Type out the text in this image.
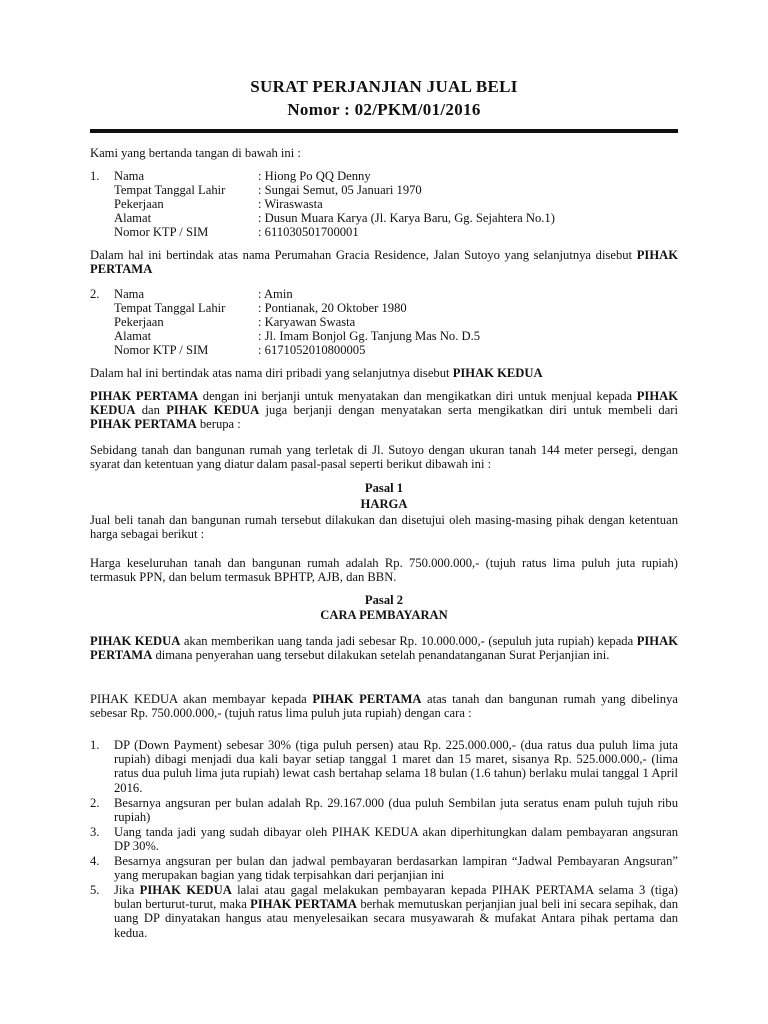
SURAT PERJANJIAN JUAL BELI
Nomor : 02/PKM/01/2016
Kami yang bertanda tangan di bawah ini :
1. Nama	: Hiong Po QQ Denny
Tempat Tanggal Lahir	: Sungai Semut, 05 Januari 1970
Pekerjaan	: Wiraswasta
Alamat	: Dusun Muara Karya (Jl. Karya Baru, Gg. Sejahtera No.1)
Nomor KTP / SIM	: 611030501700001
Dalam hal ini bertindak atas nama Perumahan Gracia Residence, Jalan Sutoyo yang selanjutnya disebut PIHAK PERTAMA
2. Nama	: Amin
Tempat Tanggal Lahir	: Pontianak, 20 Oktober 1980
Pekerjaan	: Karyawan Swasta
Alamat	: Jl. Imam Bonjol Gg. Tanjung Mas No. D.5
Nomor KTP / SIM	: 6171052010800005
Dalam hal ini bertindak atas nama diri pribadi yang selanjutnya disebut PIHAK KEDUA
PIHAK PERTAMA dengan ini berjanji untuk menyatakan dan mengikatkan diri untuk menjual kepada PIHAK KEDUA dan PIHAK KEDUA juga berjanji dengan menyatakan serta mengikatkan diri untuk membeli dari PIHAK PERTAMA berupa :
Sebidang tanah dan bangunan rumah yang terletak di Jl. Sutoyo dengan ukuran tanah 144 meter persegi, dengan syarat dan ketentuan yang diatur dalam pasal-pasal seperti berikut dibawah ini :
Pasal 1
HARGA
Jual beli tanah dan bangunan rumah tersebut dilakukan dan disetujui oleh masing-masing pihak dengan ketentuan harga sebagai berikut :
Harga keseluruhan tanah dan bangunan rumah adalah Rp. 750.000.000,- (tujuh ratus lima puluh juta rupiah) termasuk PPN, dan belum termasuk BPHTP, AJB, dan BBN.
Pasal 2
CARA PEMBAYARAN
PIHAK KEDUA akan memberikan uang tanda jadi sebesar Rp. 10.000.000,- (sepuluh juta rupiah) kepada PIHAK PERTAMA dimana penyerahan uang tersebut dilakukan setelah penandatanganan Surat Perjanjian ini.
PIHAK KEDUA akan membayar kepada PIHAK PERTAMA atas tanah dan bangunan rumah yang dibelinya sebesar Rp. 750.000.000,- (tujuh ratus lima puluh juta rupiah) dengan cara :
1. DP (Down Payment) sebesar 30% (tiga puluh persen) atau Rp. 225.000.000,- (dua ratus dua puluh lima juta rupiah) dibagi menjadi dua kali bayar setiap tanggal 1 maret dan 15 maret, sisanya Rp. 525.000.000,- (lima ratus dua puluh lima juta rupiah) lewat cash bertahap selama 18 bulan (1.6 tahun) berlaku mulai tanggal 1 April 2016.
2. Besarnya angsuran per bulan adalah Rp. 29.167.000 (dua puluh Sembilan juta seratus enam puluh tujuh ribu rupiah)
3. Uang tanda jadi yang sudah dibayar oleh PIHAK KEDUA akan diperhitungkan dalam pembayaran angsuran DP 30%.
4. Besarnya angsuran per bulan dan jadwal pembayaran berdasarkan lampiran “Jadwal Pembayaran Angsuran” yang merupakan bagian yang tidak terpisahkan dari perjanjian ini
5. Jika PIHAK KEDUA lalai atau gagal melakukan pembayaran kepada PIHAK PERTAMA selama 3 (tiga) bulan berturut-turut, maka PIHAK PERTAMA berhak memutuskan perjanjian jual beli ini secara sepihak, dan uang DP dinyatakan hangus atau menyelesaikan secara musyawarah & mufakat Antara pihak pertama dan kedua.
